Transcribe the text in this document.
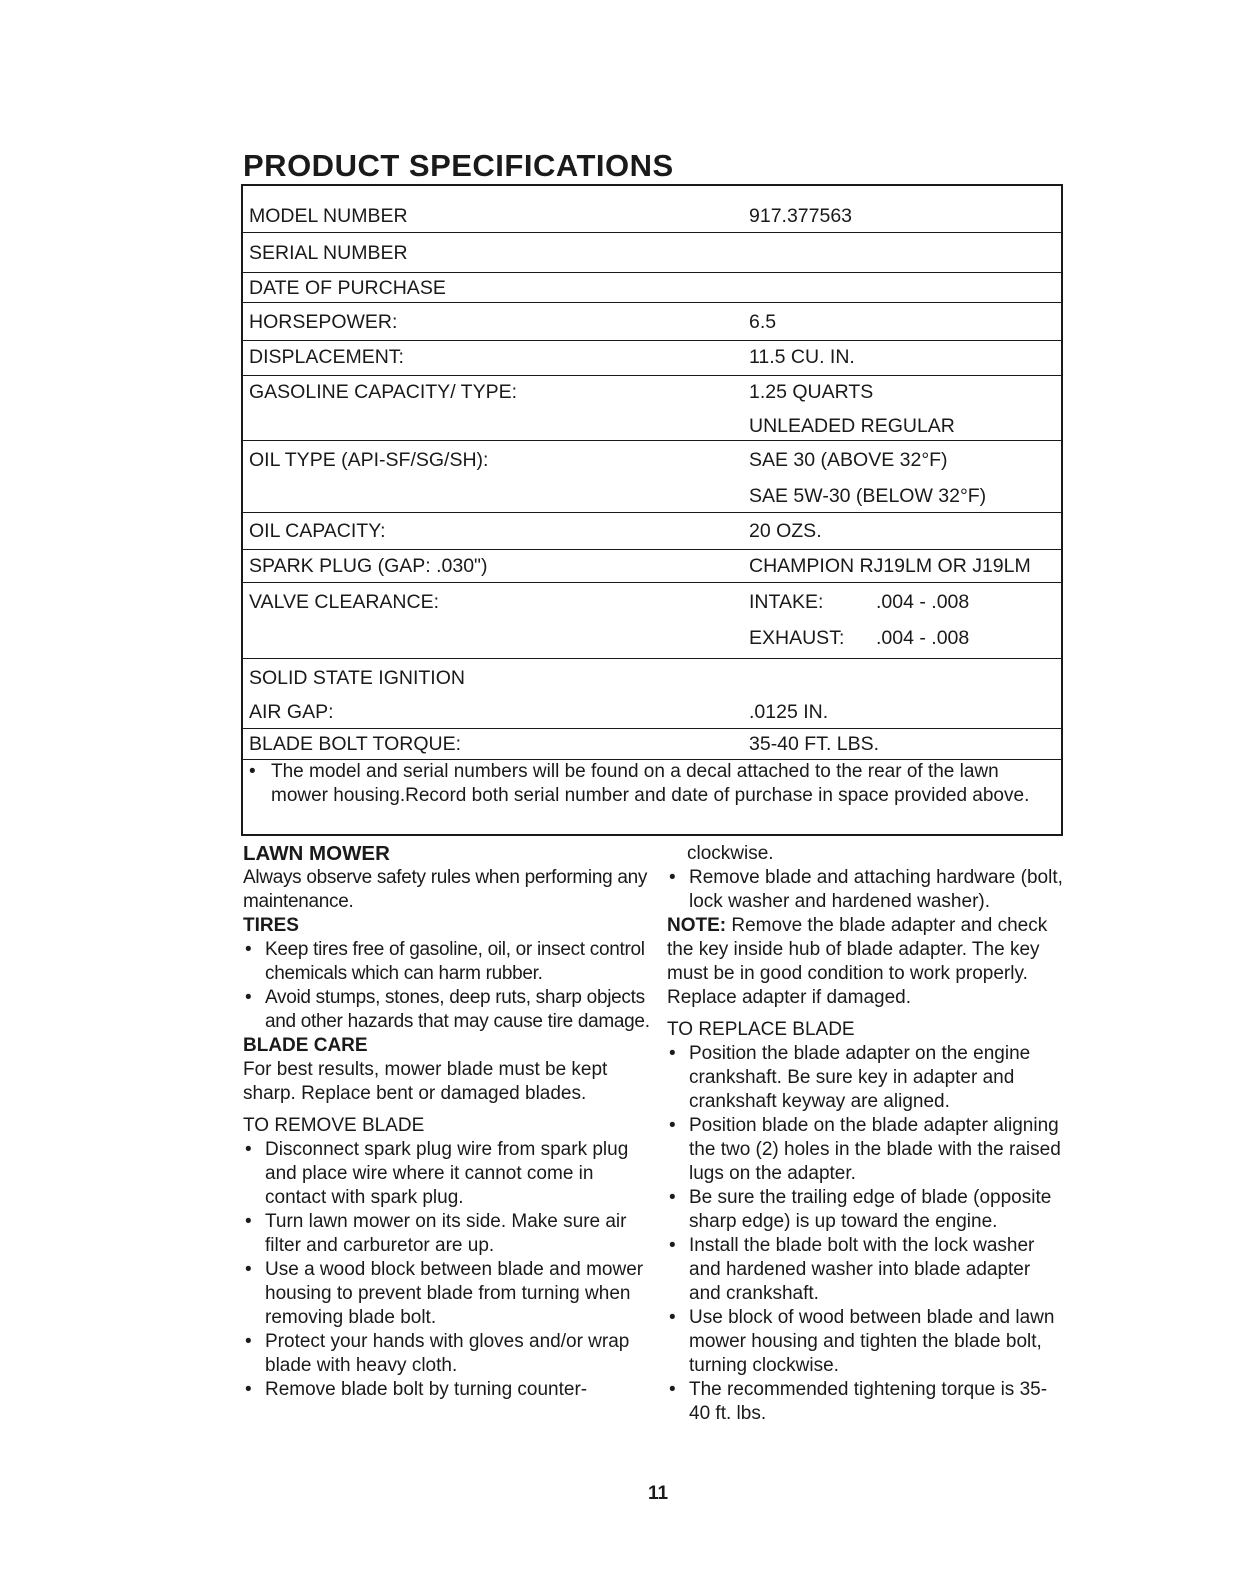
PRODUCT SPECIFICATIONS
MODEL NUMBER	917.377563
SERIAL NUMBER
DATE OF PURCHASE
HORSEPOWER:	6.5
DISPLACEMENT:	11.5 CU. IN.
GASOLINE CAPACITY/ TYPE:	1.25 QUARTS
UNLEADED REGULAR
OIL TYPE (API-SF/SG/SH):	SAE 30 (ABOVE 32°F)
SAE 5W-30 (BELOW 32°F)
OIL CAPACITY:	20 OZS.
SPARK PLUG (GAP: .030")	CHAMPION RJ19LM OR J19LM
VALVE CLEARANCE:	INTAKE:	.004 - .008
EXHAUST: .004 - .008
SOLID STATE IGNITION
AIR GAP:	.0125 IN.
BLADE BOLT TORQUE:	35-40 FT. LBS.
• The model and serial numbers will be found on a decal attached to the rear of the lawn mower housing.Record both serial number and date of purchase in space provided above.
LAWN MOWER

Always observe safety rules when performing any maintenance.

TIRES
• Keep tires free of gasoline, oil, or insect control chemicals which can harm rubber.
• Avoid stumps, stones, deep ruts, sharp objects and other hazards that may cause tire damage.
BLADE CARE

For best results, mower blade must be kept sharp. Replace bent or damaged blades.

TO REMOVE BLADE
• Disconnect spark plug wire from spark plug and place wire where it cannot come in contact with spark plug.
• Turn lawn mower on its side. Make sure air filter and carburetor are up.
• Use a wood block between blade and mower housing to prevent blade from turning when removing blade bolt.
• Protect your hands with gloves and/or wrap blade with heavy cloth.
• Remove blade bolt by turning counter-
clockwise.
• Remove blade and attaching hardware (bolt, lock washer and hardened washer).

NOTE: Remove the blade adapter and check the key inside hub of blade adapter. The key must be in good condition to work properly. Replace adapter if damaged.

TO REPLACE BLADE
• Position the blade adapter on the engine crankshaft. Be sure key in adapter and crankshaft keyway are aligned.
• Position blade on the blade adapter aligning the two (2) holes in the blade with the raised lugs on the adapter.
• Be sure the trailing edge of blade (opposite sharp edge) is up toward the engine.
• Install the blade bolt with the lock washer and hardened washer into blade adapter and crankshaft.
• Use block of wood between blade and lawn mower housing and tighten the blade bolt, turning clockwise.
• The recommended tightening torque is 35-40 ft. lbs.
11
